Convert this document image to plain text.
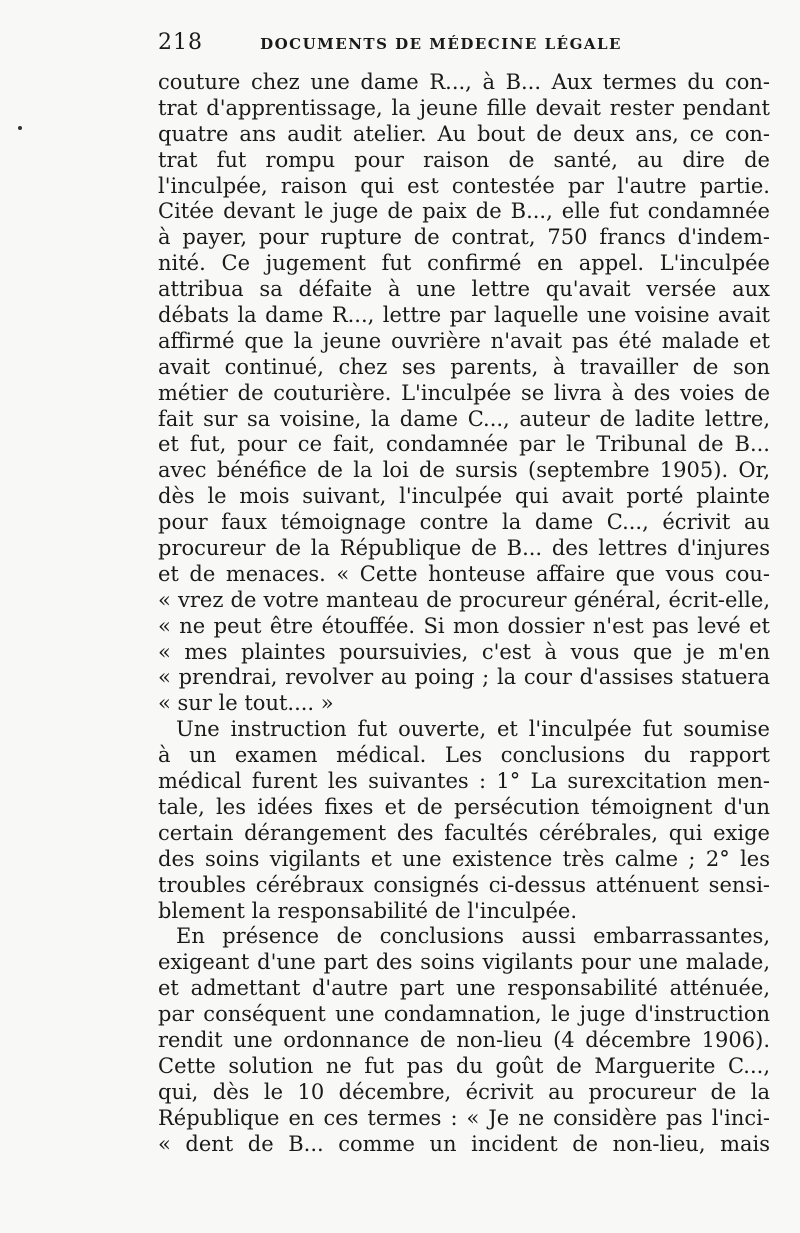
218	DOCUMENTS DE MÉDECINE LÉGALE
couture chez une dame R..., à B... Aux termes du con-
trat d'apprentissage, la jeune fille devait rester pendant
quatre ans audit atelier. Au bout de deux ans, ce con-
trat fut rompu pour raison de santé, au dire de
l'inculpée, raison qui est contestée par l'autre partie.
Citée devant le juge de paix de B..., elle fut condamnée
à payer, pour rupture de contrat, 750 francs d'indem-
nité. Ce jugement fut confirmé en appel. L'inculpée
attribua sa défaite à une lettre qu'avait versée aux
débats la dame R..., lettre par laquelle une voisine avait
affirmé que la jeune ouvrière n'avait pas été malade et
avait continué, chez ses parents, à travailler de son
métier de couturière. L'inculpée se livra à des voies de
fait sur sa voisine, la dame C..., auteur de ladite lettre,
et fut, pour ce fait, condamnée par le Tribunal de B...
avec bénéfice de la loi de sursis (septembre 1905). Or,
dès le mois suivant, l'inculpée qui avait porté plainte
pour faux témoignage contre la dame C..., écrivit au
procureur de la République de B... des lettres d'injures
et de menaces. « Cette honteuse affaire que vous cou-
« vrez de votre manteau de procureur général, écrit-elle,
« ne peut être étouffée. Si mon dossier n'est pas levé et
« mes plaintes poursuivies, c'est à vous que je m'en
« prendrai, revolver au poing ; la cour d'assises statuera
« sur le tout.... »
Une instruction fut ouverte, et l'inculpée fut soumise
à un examen médical. Les conclusions du rapport
médical furent les suivantes : 1° La surexcitation men-
tale, les idées fixes et de persécution témoignent d'un
certain dérangement des facultés cérébrales, qui exige
des soins vigilants et une existence très calme ; 2° les
troubles cérébraux consignés ci-dessus atténuent sensi-
blement la responsabilité de l'inculpée.
En présence de conclusions aussi embarrassantes,
exigeant d'une part des soins vigilants pour une malade,
et admettant d'autre part une responsabilité atténuée,
par conséquent une condamnation, le juge d'instruction
rendit une ordonnance de non-lieu (4 décembre 1906).
Cette solution ne fut pas du goût de Marguerite C...,
qui, dès le 10 décembre, écrivit au procureur de la
République en ces termes : « Je ne considère pas l'inci-
« dent de B... comme un incident de non-lieu, mais
